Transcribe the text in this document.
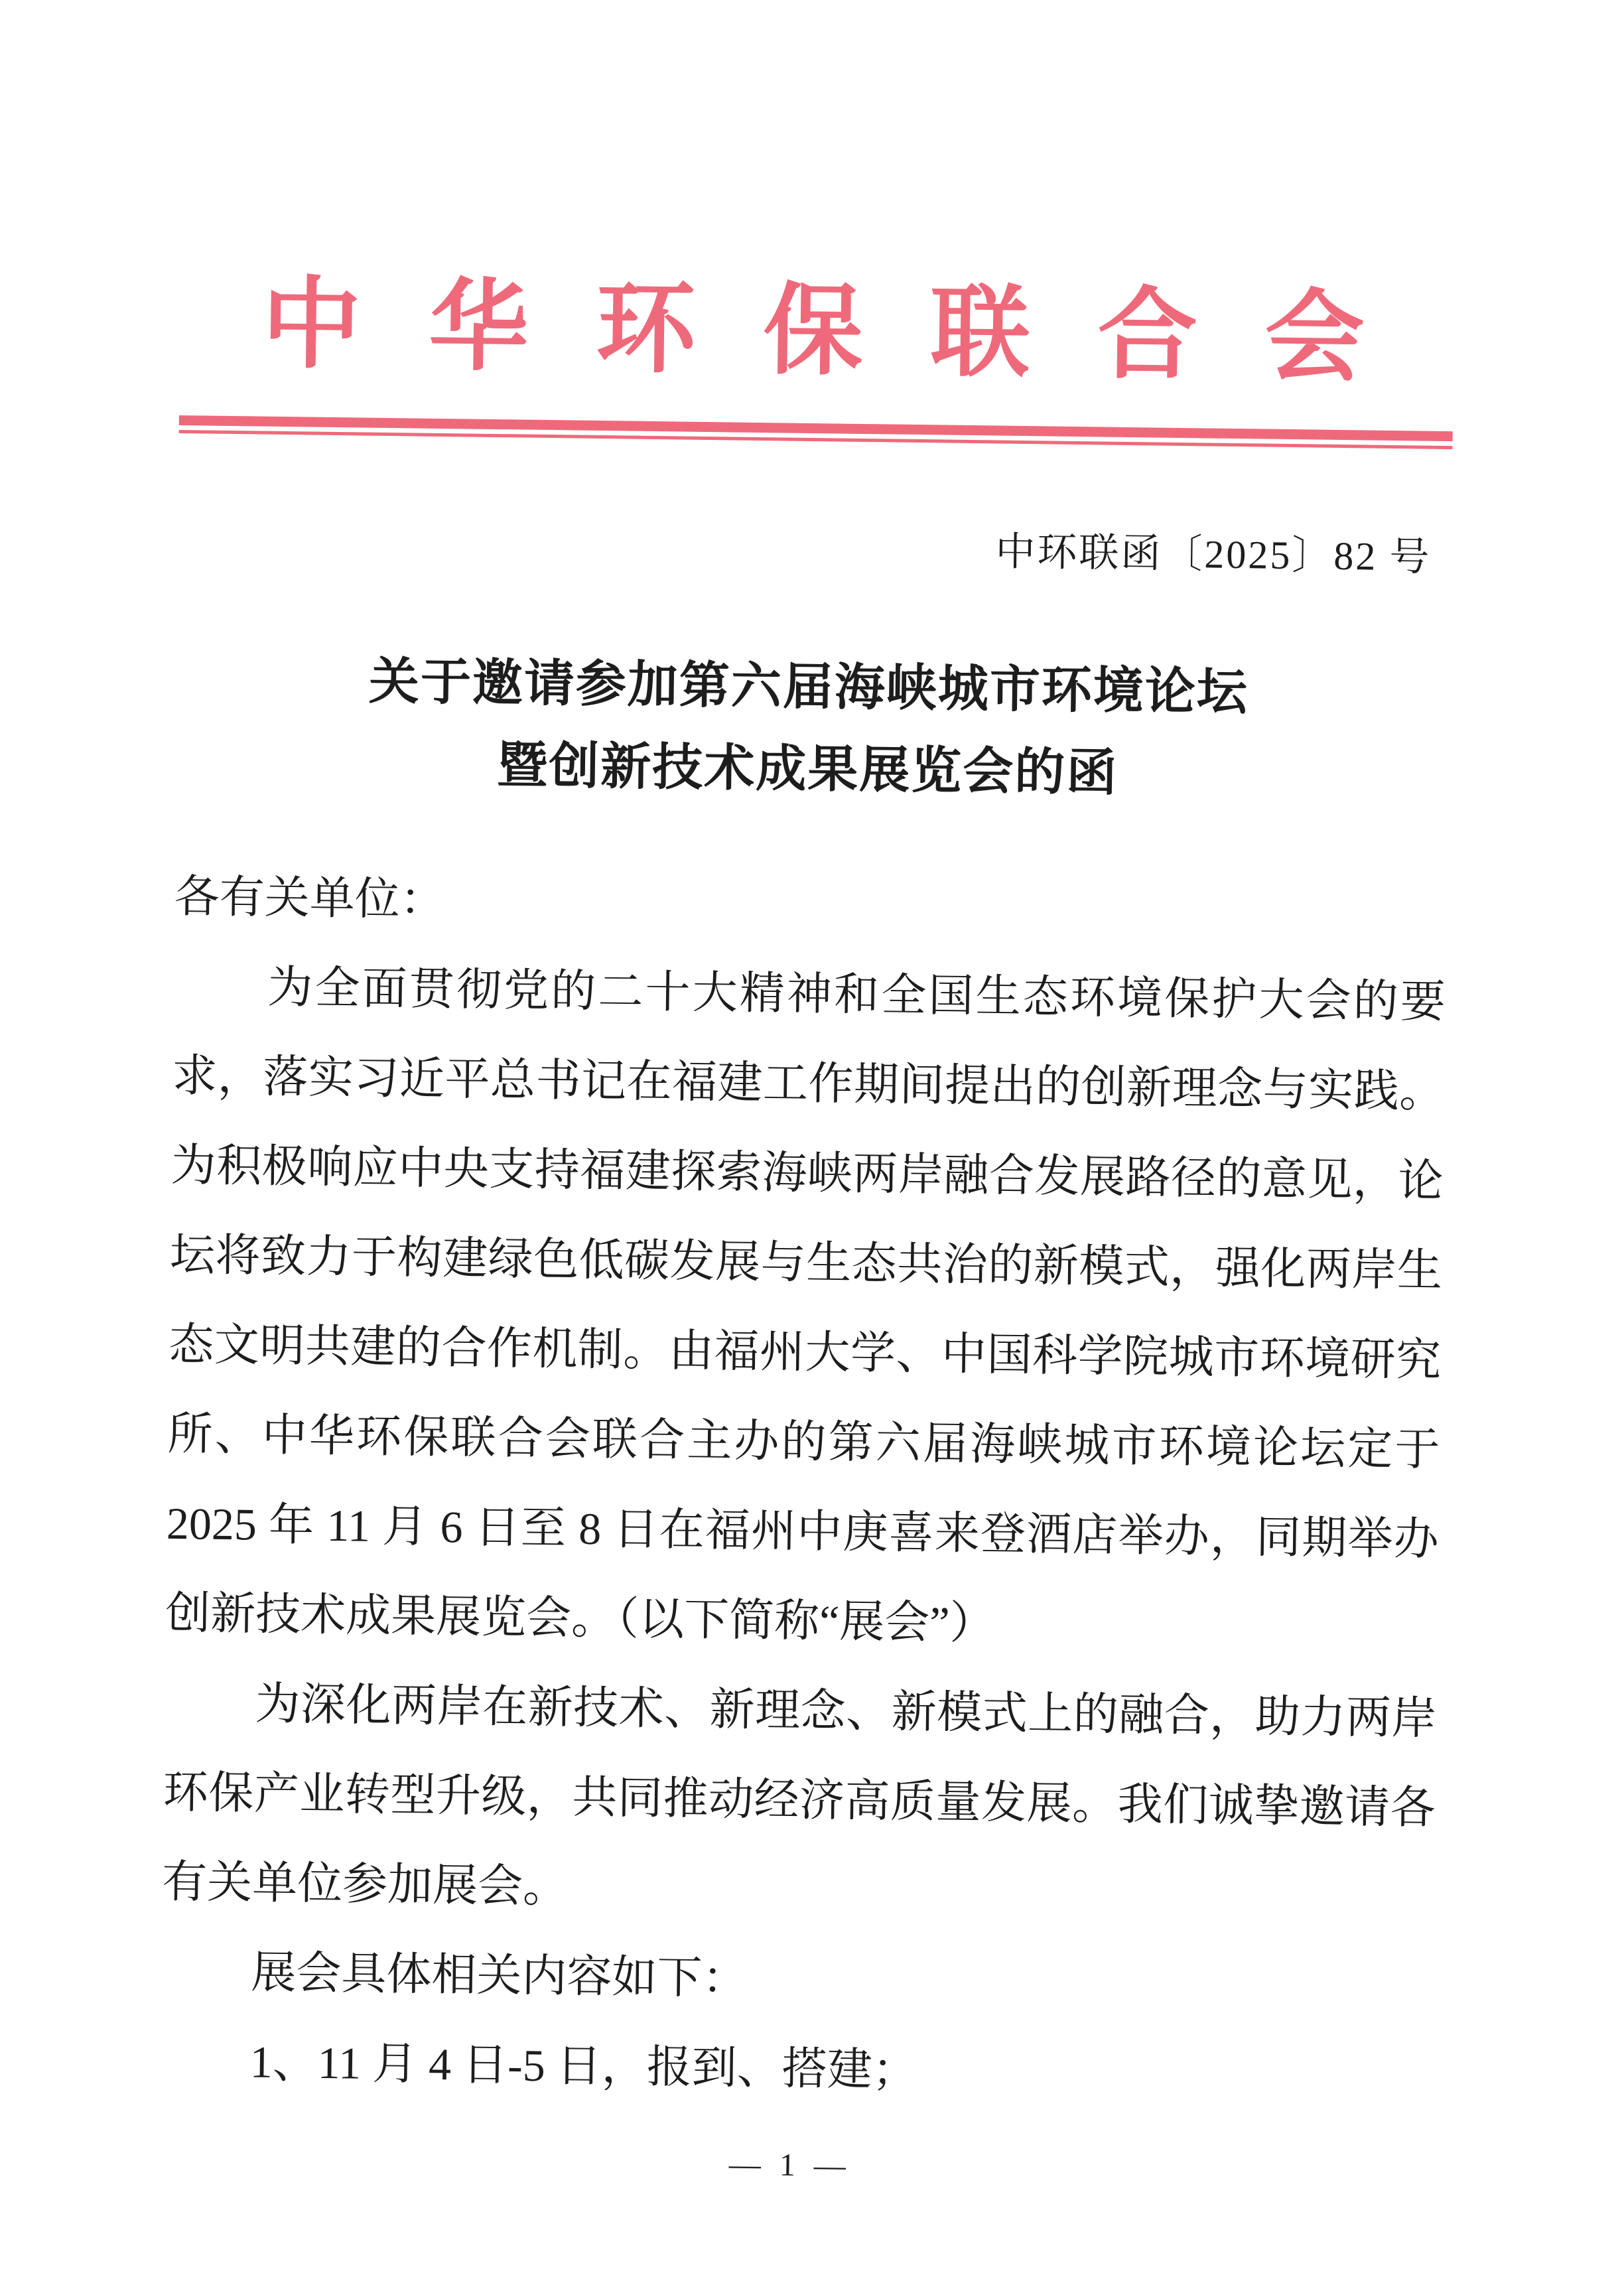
中华环保联合会
中环联函〔2025〕82 号
关于邀请参加第六届海峡城市环境论坛
暨创新技术成果展览会的函
各有关单位：
　　为全面贯彻党的二十大精神和全国生态环境保护大会的要
求，落实习近平总书记在福建工作期间提出的创新理念与实践。
为积极响应中央支持福建探索海峡两岸融合发展路径的意见，论
坛将致力于构建绿色低碳发展与生态共治的新模式，强化两岸生
态文明共建的合作机制。由福州大学、中国科学院城市环境研究
所、中华环保联合会联合主办的第六届海峡城市环境论坛定于
2025 年 11 月 6 日至 8 日在福州中庚喜来登酒店举办，同期举办
创新技术成果展览会。（以下简称“展会”）
　　为深化两岸在新技术、新理念、新模式上的融合，助力两岸
环保产业转型升级，共同推动经济高质量发展。我们诚挚邀请各
有关单位参加展会。
　　展会具体相关内容如下：
　　1、11 月 4 日-5 日，报到、搭建；
— 1 —
